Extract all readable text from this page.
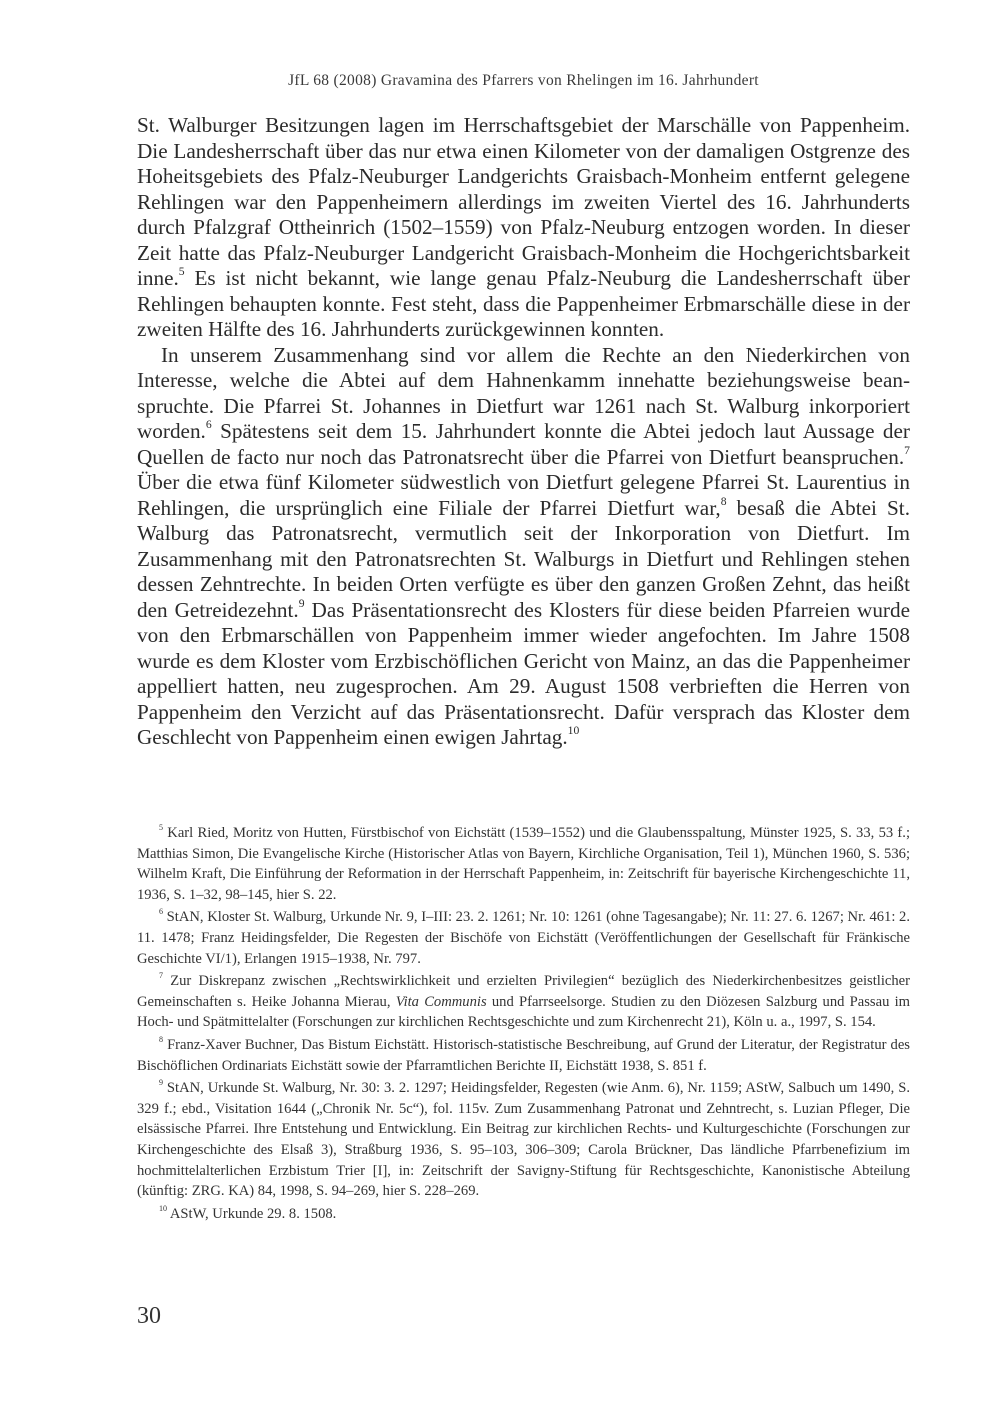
JfL 68 (2008) Gravamina des Pfarrers von Rhelingen im 16. Jahrhundert

St. Walburger Besitzungen lagen im Herrschaftsgebiet der Marschälle von Pappenheim. Die Landesherrschaft über das nur etwa einen Kilometer von der damaligen Ostgrenze des Hoheitsgebiets des Pfalz-Neuburger Landgerichts Graisbach-Monheim entfernt gelegene Rehlingen war den Pappenheimern allerdings im zweiten Viertel des 16. Jahrhunderts durch Pfalzgraf Ottheinrich (1502–1559) von Pfalz-Neuburg entzogen worden. In dieser Zeit hatte das Pfalz-Neuburger Landgericht Graisbach-Monheim die Hochgerichtsbarkeit inne.$^5$ Es ist nicht bekannt, wie lange genau Pfalz-Neuburg die Landesherrschaft über Rehlingen behaupten konnte. Fest steht, dass die Pappenheimer Erbmarschälle diese in der zweiten Hälfte des 16. Jahrhunderts zurückgewinnen konnten.

In unserem Zusammenhang sind vor allem die Rechte an den Niederkirchen von Interesse, welche die Abtei auf dem Hahnenkamm innehatte beziehungsweise beanspruchte. Die Pfarrei St. Johannes in Dietfurt war 1261 nach St. Walburg inkorporiert worden.$^6$ Spätestens seit dem 15. Jahrhundert konnte die Abtei jedoch laut Aussage der Quellen de facto nur noch das Patronatsrecht über die Pfarrei von Dietfurt beanspruchen.$^7$ Über die etwa fünf Kilometer südwestlich von Dietfurt gelegene Pfarrei St. Laurentius in Rehlingen, die ursprünglich eine Filiale der Pfarrei Dietfurt war,$^8$ besaß die Abtei St. Walburg das Patronatsrecht, vermutlich seit der Inkorporation von Dietfurt. Im Zusammenhang mit den Patronatsrechten St. Walburgs in Dietfurt und Rehlingen stehen dessen Zehntrechte. In beiden Orten verfügte es über den ganzen Großen Zehnt, das heißt den Getreidezehnt.$^9$ Das Präsentationsrecht des Klosters für diese beiden Pfarreien wurde von den Erbmarschällen von Pappenheim immer wieder angefochten. Im Jahre 1508 wurde es dem Kloster vom Erzbischöflichen Gericht von Mainz, an das die Pappenheimer appelliert hatten, neu zugesprochen. Am 29. August 1508 verbrieften die Herren von Pappenheim den Verzicht auf das Präsentationsrecht. Dafür versprach das Kloster dem Geschlecht von Pappenheim einen ewigen Jahrtag.$^{10}$

$^5$ Karl Ried, Moritz von Hutten, Fürstbischof von Eichstätt (1539–1552) und die Glaubensspaltung, Münster 1925, S. 33, 53 f.; Matthias Simon, Die Evangelische Kirche (Historischer Atlas von Bayern, Kirchliche Organisation, Teil 1), München 1960, S. 536; Wilhelm Kraft, Die Einführung der Reformation in der Herrschaft Pappenheim, in: Zeitschrift für bayerische Kirchengeschichte 11, 1936, S. 1–32, 98–145, hier S. 22.

$^6$ StAN, Kloster St. Walburg, Urkunde Nr. 9, I–III: 23. 2. 1261; Nr. 10: 1261 (ohne Tagesangabe); Nr. 11: 27. 6. 1267; Nr. 461: 2. 11. 1478; Franz Heidingsfelder, Die Regesten der Bischöfe von Eichstätt (Veröffentlichungen der Gesellschaft für Fränkische Geschichte VI/1), Erlangen 1915–1938, Nr. 797.

$^7$ Zur Diskrepanz zwischen „Rechtswirklichkeit und erzielten Privilegien“ bezüglich des Niederkirchenbesitzes geistlicher Gemeinschaften s. Heike Johanna Mierau, Vita Communis und Pfarrseelsorge. Studien zu den Diözesen Salzburg und Passau im Hoch- und Spätmittelalter (Forschungen zur kirchlichen Rechtsgeschichte und zum Kirchenrecht 21), Köln u. a., 1997, S. 154.

$^8$ Franz-Xaver Buchner, Das Bistum Eichstätt. Historisch-statistische Beschreibung, auf Grund der Literatur, der Registratur des Bischöflichen Ordinariats Eichstätt sowie der Pfarramtlichen Berichte II, Eichstätt 1938, S. 851 f.

$^9$ StAN, Urkunde St. Walburg, Nr. 30: 3. 2. 1297; Heidingsfelder, Regesten (wie Anm. 6), Nr. 1159; AStW, Salbuch um 1490, S. 329 f.; ebd., Visitation 1644 („Chronik Nr. 5c“), fol. 115v. Zum Zusammenhang Patronat und Zehntrecht, s. Luzian Pfleger, Die elsässische Pfarrei. Ihre Entstehung und Entwicklung. Ein Beitrag zur kirchlichen Rechts- und Kulturgeschichte (Forschungen zur Kirchengeschichte des Elsaß 3), Straßburg 1936, S. 95–103, 306–309; Carola Brückner, Das ländliche Pfarrbenefizium im hochmittelalterlichen Erzbistum Trier [I], in: Zeitschrift der Savigny-Stiftung für Rechtsgeschichte, Kanonistische Abteilung (künftig: ZRG. KA) 84, 1998, S. 94–269, hier S. 228–269.

$^{10}$ AStW, Urkunde 29. 8. 1508.

30
